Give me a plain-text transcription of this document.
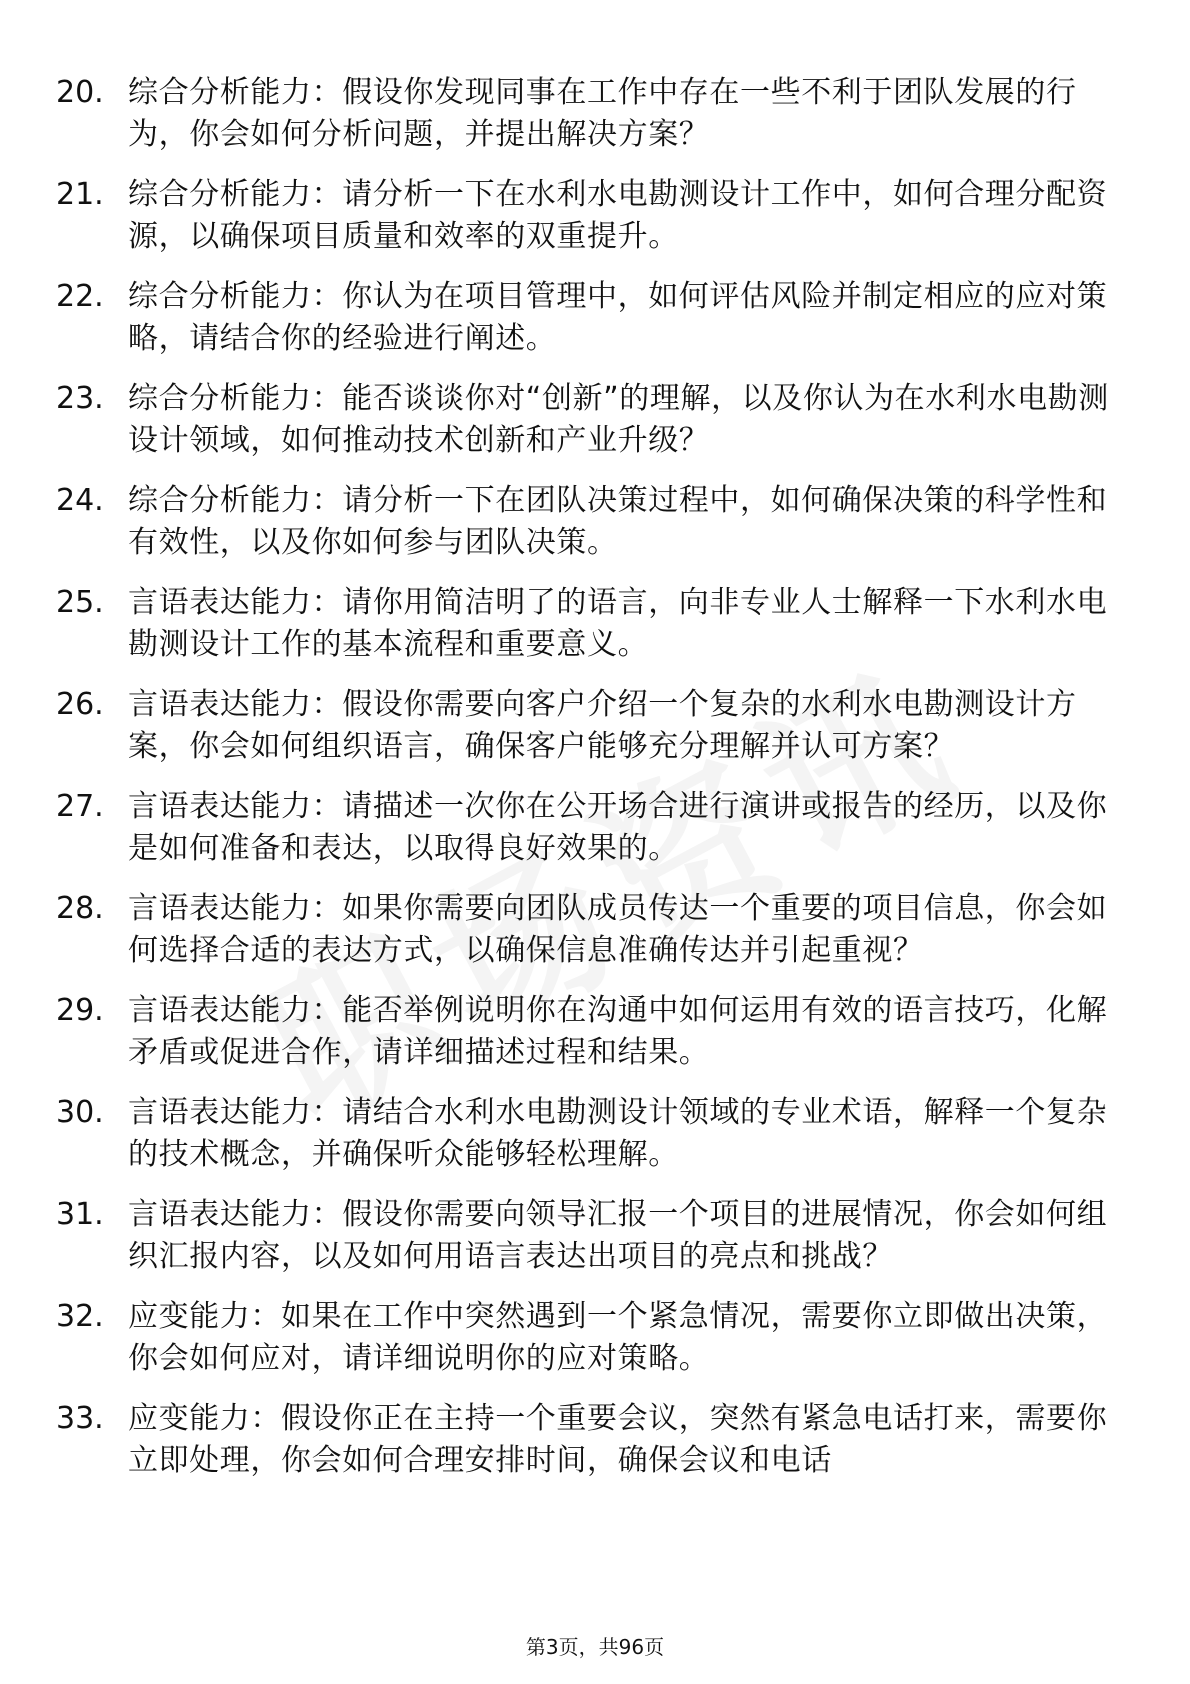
20. 综合分析能力：假设你发现同事在工作中存在一些不利于团队发展的行为，你会如何分析问题，并提出解决方案？
21. 综合分析能力：请分析一下在水利水电勘测设计工作中，如何合理分配资源，以确保项目质量和效率的双重提升。
22. 综合分析能力：你认为在项目管理中，如何评估风险并制定相应的应对策略，请结合你的经验进行阐述。
23. 综合分析能力：能否谈谈你对“创新”的理解，以及你认为在水利水电勘测设计领域，如何推动技术创新和产业升级？
24. 综合分析能力：请分析一下在团队决策过程中，如何确保决策的科学性和有效性，以及你如何参与团队决策。
25. 言语表达能力：请你用简洁明了的语言，向非专业人士解释一下水利水电勘测设计工作的基本流程和重要意义。
26. 言语表达能力：假设你需要向客户介绍一个复杂的水利水电勘测设计方案，你会如何组织语言，确保客户能够充分理解并认可方案？
27. 言语表达能力：请描述一次你在公开场合进行演讲或报告的经历，以及你是如何准备和表达，以取得良好效果的。
28. 言语表达能力：如果你需要向团队成员传达一个重要的项目信息，你会如何选择合适的表达方式，以确保信息准确传达并引起重视？
29. 言语表达能力：能否举例说明你在沟通中如何运用有效的语言技巧，化解矛盾或促进合作，请详细描述过程和结果。
30. 言语表达能力：请结合水利水电勘测设计领域的专业术语，解释一个复杂的技术概念，并确保听众能够轻松理解。
31. 言语表达能力：假设你需要向领导汇报一个项目的进展情况，你会如何组织汇报内容，以及如何用语言表达出项目的亮点和挑战？
32. 应变能力：如果在工作中突然遇到一个紧急情况，需要你立即做出决策，你会如何应对，请详细说明你的应对策略。
33. 应变能力：假设你正在主持一个重要会议，突然有紧急电话打来，需要你立即处理，你会如何合理安排时间，确保会议和电话
第3页，共96页
